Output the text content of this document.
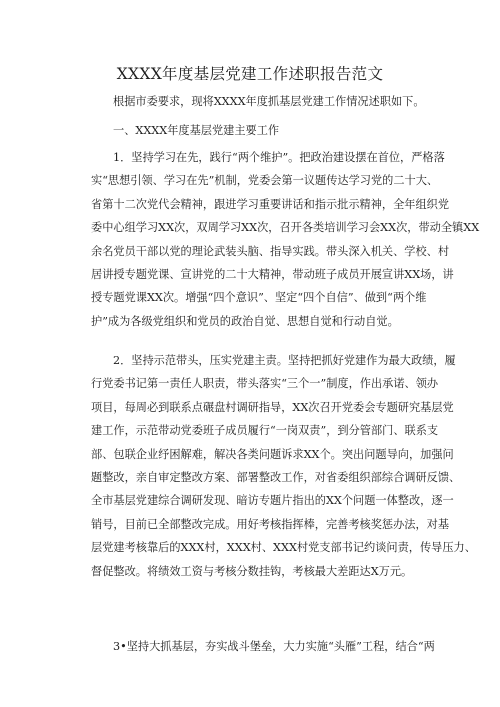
XXXX年度基层党建工作述职报告范文

根据市委要求，现将XXXX年度抓基层党建工作情况述职如下。

一、XXXX年度基层党建主要工作

1．坚持学习在先，践行“两个维护”。把政治建设摆在首位，严格落
实“思想引领、学习在先”机制，党委会第一议题传达学习党的二十大、
省第十二次党代会精神，跟进学习重要讲话和指示批示精神，全年组织党
委中心组学习XX次，双周学习XX次，召开各类培训学习会XX次，带动全镇XX
余名党员干部以党的理论武装头脑、指导实践。带头深入机关、学校、村
居讲授专题党课、宣讲党的二十大精神，带动班子成员开展宣讲XX场，讲
授专题党课XX次。增强“四个意识”、坚定“四个自信”、做到“两个维
护”成为各级党组织和党员的政治自觉、思想自觉和行动自觉。

2．坚持示范带头，压实党建主责。坚持把抓好党建作为最大政绩，履
行党委书记第一责任人职责，带头落实“三个一”制度，作出承诺、领办
项目，每周必到联系点碾盘村调研指导，XX次召开党委会专题研究基层党
建工作，示范带动党委班子成员履行“一岗双责”，到分管部门、联系支
部、包联企业纾困解难，解决各类问题诉求XX个。突出问题导向，加强问
题整改，亲自审定整改方案、部署整改工作，对省委组织部综合调研反馈、
全市基层党建综合调研发现、暗访专题片指出的XX个问题一体整改，逐一
销号，目前已全部整改完成。用好考核指挥棒，完善考核奖惩办法，对基
层党建考核靠后的XXX村，XXX村、XXX村党支部书记约谈问责，传导压力、
督促整改。将绩效工资与考核分数挂钩，考核最大差距达X万元。

3•坚持大抓基层，夯实战斗堡垒，大力实施“头雁”工程，结合“两
